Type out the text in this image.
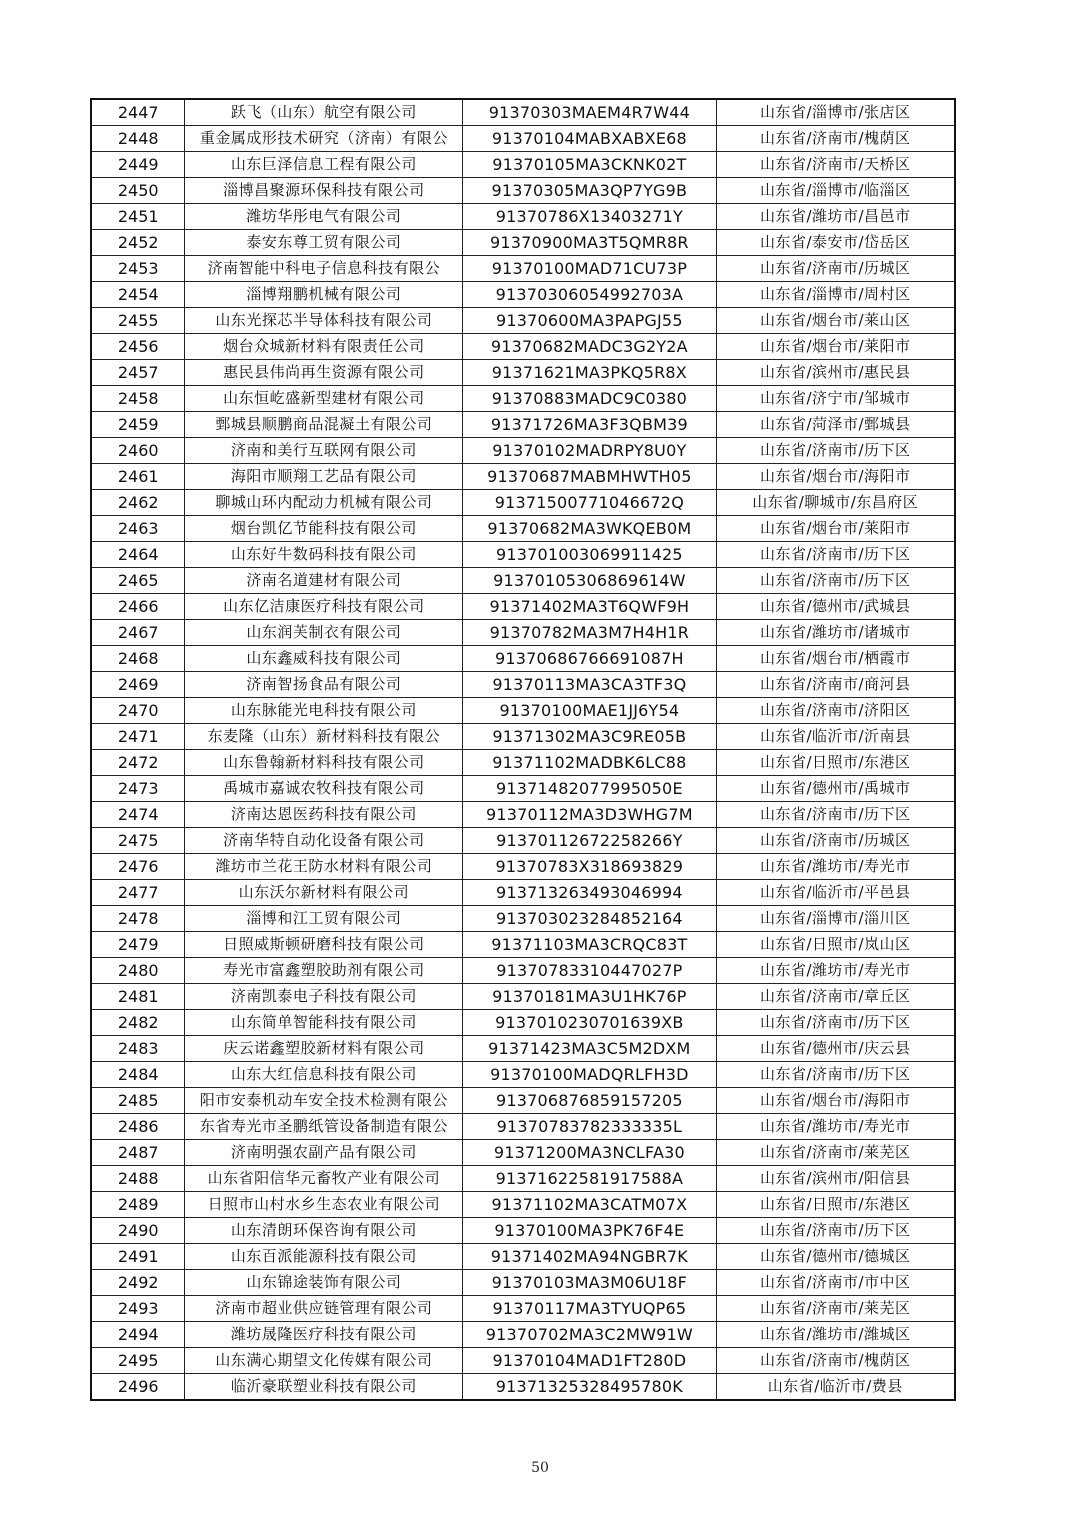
2447	跃飞（山东）航空有限公司	91370303MAEM4R7W44	山东省/淄博市/张店区
2448	重金属成形技术研究（济南）有限公	91370104MABXABXE68	山东省/济南市/槐荫区
2449	山东巨泽信息工程有限公司	91370105MA3CKNK02T	山东省/济南市/天桥区
2450	淄博昌聚源环保科技有限公司	91370305MA3QP7YG9B	山东省/淄博市/临淄区
2451	潍坊华彤电气有限公司	91370786X13403271Y	山东省/潍坊市/昌邑市
2452	泰安东尊工贸有限公司	91370900MA3T5QMR8R	山东省/泰安市/岱岳区
2453	济南智能中科电子信息科技有限公	91370100MAD71CU73P	山东省/济南市/历城区
2454	淄博翔鹏机械有限公司	91370306054992703A	山东省/淄博市/周村区
2455	山东光探芯半导体科技有限公司	91370600MA3PAPGJ55	山东省/烟台市/莱山区
2456	烟台众城新材料有限责任公司	91370682MADC3G2Y2A	山东省/烟台市/莱阳市
2457	惠民县伟尚再生资源有限公司	91371621MA3PKQ5R8X	山东省/滨州市/惠民县
2458	山东恒屹盛新型建材有限公司	91370883MADC9C0380	山东省/济宁市/邹城市
2459	鄄城县顺鹏商品混凝土有限公司	91371726MA3F3QBM39	山东省/菏泽市/鄄城县
2460	济南和美行互联网有限公司	91370102MADRPY8U0Y	山东省/济南市/历下区
2461	海阳市顺翔工艺品有限公司	91370687MABMHWTH05	山东省/烟台市/海阳市
2462	聊城山环内配动力机械有限公司	91371500771046672Q	山东省/聊城市/东昌府区
2463	烟台凯亿节能科技有限公司	91370682MA3WKQEB0M	山东省/烟台市/莱阳市
2464	山东好牛数码科技有限公司	913701003069911425	山东省/济南市/历下区
2465	济南名道建材有限公司	91370105306869614W	山东省/济南市/历下区
2466	山东亿洁康医疗科技有限公司	91371402MA3T6QWF9H	山东省/德州市/武城县
2467	山东润芙制衣有限公司	91370782MA3M7H4H1R	山东省/潍坊市/诸城市
2468	山东鑫威科技有限公司	91370686766691087H	山东省/烟台市/栖霞市
2469	济南智扬食品有限公司	91370113MA3CA3TF3Q	山东省/济南市/商河县
2470	山东脉能光电科技有限公司	91370100MAE1JJ6Y54	山东省/济南市/济阳区
2471	东麦隆（山东）新材料科技有限公	91371302MA3C9RE05B	山东省/临沂市/沂南县
2472	山东鲁翰新材料科技有限公司	91371102MADBK6LC88	山东省/日照市/东港区
2473	禹城市嘉诚农牧科技有限公司	91371482077995050E	山东省/德州市/禹城市
2474	济南达恩医药科技有限公司	91370112MA3D3WHG7M	山东省/济南市/历下区
2475	济南华特自动化设备有限公司	91370112672258266Y	山东省/济南市/历城区
2476	潍坊市兰花王防水材料有限公司	91370783X318693829	山东省/潍坊市/寿光市
2477	山东沃尔新材料有限公司	913713263493046994	山东省/临沂市/平邑县
2478	淄博和江工贸有限公司	913703023284852164	山东省/淄博市/淄川区
2479	日照威斯顿研磨科技有限公司	91371103MA3CRQC83T	山东省/日照市/岚山区
2480	寿光市富鑫塑胶助剂有限公司	91370783310447027P	山东省/潍坊市/寿光市
2481	济南凯泰电子科技有限公司	91370181MA3U1HK76P	山东省/济南市/章丘区
2482	山东简单智能科技有限公司	9137010230701639XB	山东省/济南市/历下区
2483	庆云诺鑫塑胶新材料有限公司	91371423MA3C5M2DXM	山东省/德州市/庆云县
2484	山东大红信息科技有限公司	91370100MADQRLFH3D	山东省/济南市/历下区
2485	阳市安泰机动车安全技术检测有限公	913706876859157205	山东省/烟台市/海阳市
2486	东省寿光市圣鹏纸管设备制造有限公	91370783782333335L	山东省/潍坊市/寿光市
2487	济南明强农副产品有限公司	91371200MA3NCLFA30	山东省/济南市/莱芜区
2488	山东省阳信华元畜牧产业有限公司	91371622581917588A	山东省/滨州市/阳信县
2489	日照市山村水乡生态农业有限公司	91371102MA3CATM07X	山东省/日照市/东港区
2490	山东清朗环保咨询有限公司	91370100MA3PK76F4E	山东省/济南市/历下区
2491	山东百派能源科技有限公司	91371402MA94NGBR7K	山东省/德州市/德城区
2492	山东锦途装饰有限公司	91370103MA3M06U18F	山东省/济南市/市中区
2493	济南市超业供应链管理有限公司	91370117MA3TYUQP65	山东省/济南市/莱芜区
2494	潍坊晟隆医疗科技有限公司	91370702MA3C2MW91W	山东省/潍坊市/潍城区
2495	山东满心期望文化传媒有限公司	91370104MAD1FT280D	山东省/济南市/槐荫区
2496	临沂豪联塑业科技有限公司	91371325328495780K	山东省/临沂市/费县
50
